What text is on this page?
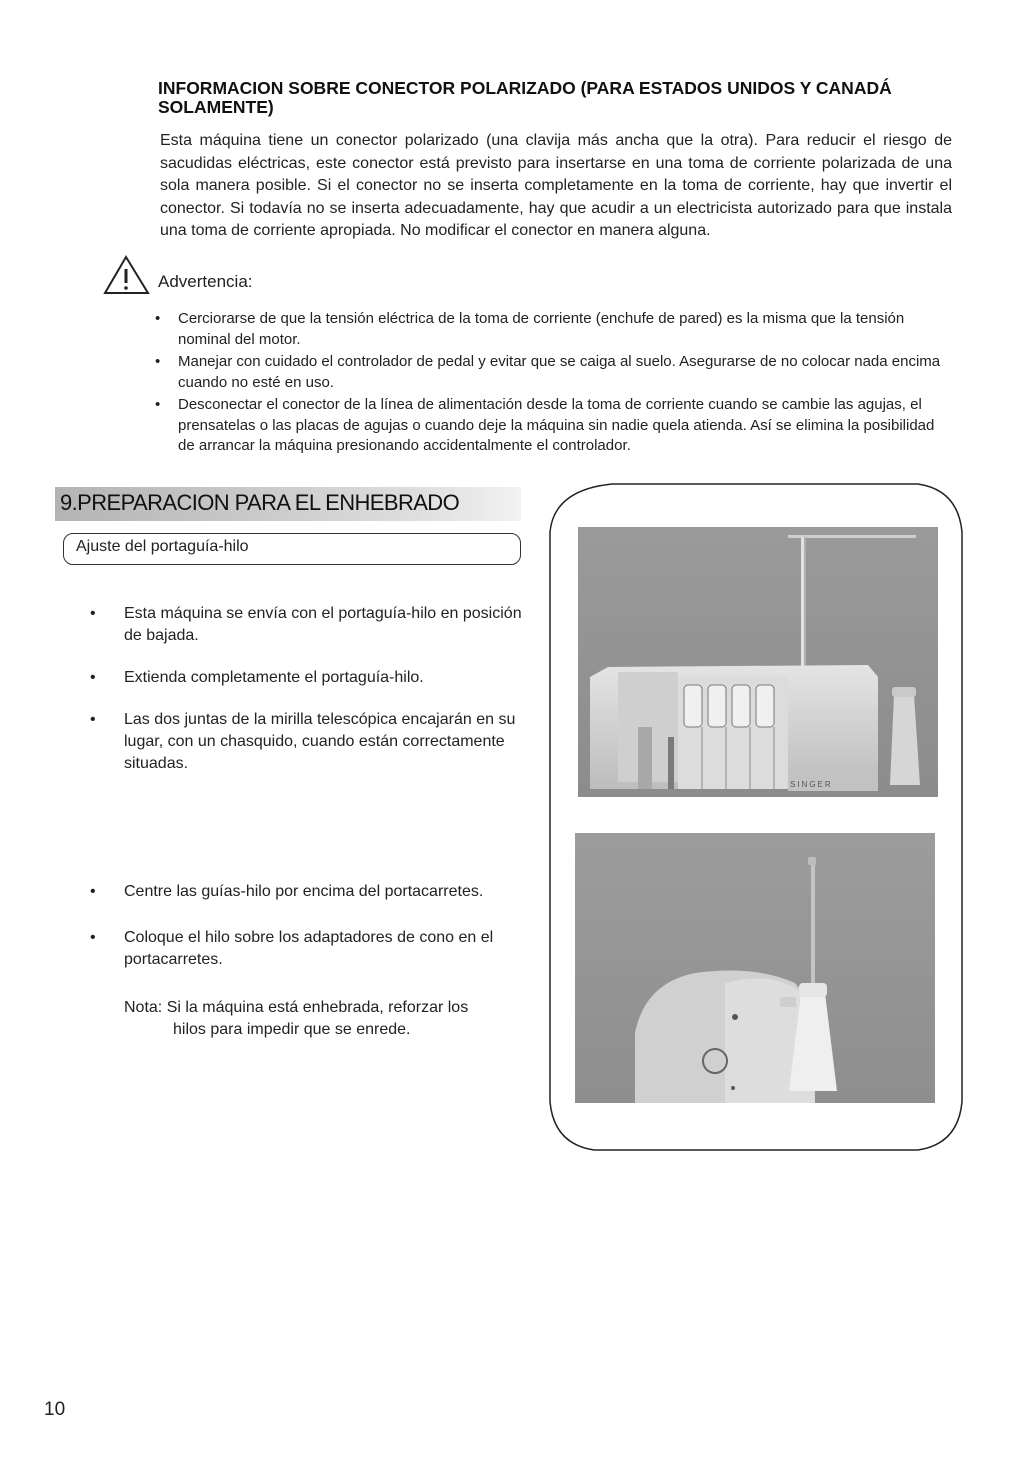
INFORMACION SOBRE CONECTOR POLARIZADO (PARA ESTADOS UNIDOS Y CANADÁ SOLAMENTE)

Esta máquina tiene un conector polarizado (una clavija más ancha que la otra). Para reducir el riesgo de sacudidas eléctricas, este conector está previsto para insertarse en una toma de corriente polarizada de una sola manera posible. Si el conector no se inserta completamente en la toma de corriente, hay que invertir el conector. Si todavía no se inserta adecuadamente, hay que acudir a un electricista autorizado para que instala una toma de corriente apropiada. No modificar el conector en manera alguna.

Advertencia:
• Cerciorarse de que la tensión eléctrica de la toma de corriente (enchufe de pared) es la misma que la tensión nominal del motor.
• Manejar con cuidado el controlador de pedal y evitar que se caiga al suelo. Asegurarse de no colocar nada encima cuando no esté en uso.
• Desconectar el conector de la línea de alimentación desde la toma de corriente cuando se cambie las agujas, el prensatelas o las placas de agujas o cuando deje la máquina sin nadie quela atienda. Así se elimina la posibilidad de arrancar la máquina presionando accidentalmente el controlador.
9.PREPARACION PARA EL ENHEBRADO
Ajuste del portaguía-hilo
• Esta máquina se envía con el portaguía-hilo en posición de bajada.
• Extienda completamente el portaguía-hilo.
• Las dos juntas de la mirilla telescópica encajarán en su lugar, con un chasquido, cuando están correctamente situadas.
• Centre las guías-hilo por encima del portacarretes.
• Coloque el hilo sobre los adaptadores de cono en el portacarretes.
Nota: Si la máquina está enhebrada, reforzar los
hilos para impedir que se enrede.
SINGER
10
